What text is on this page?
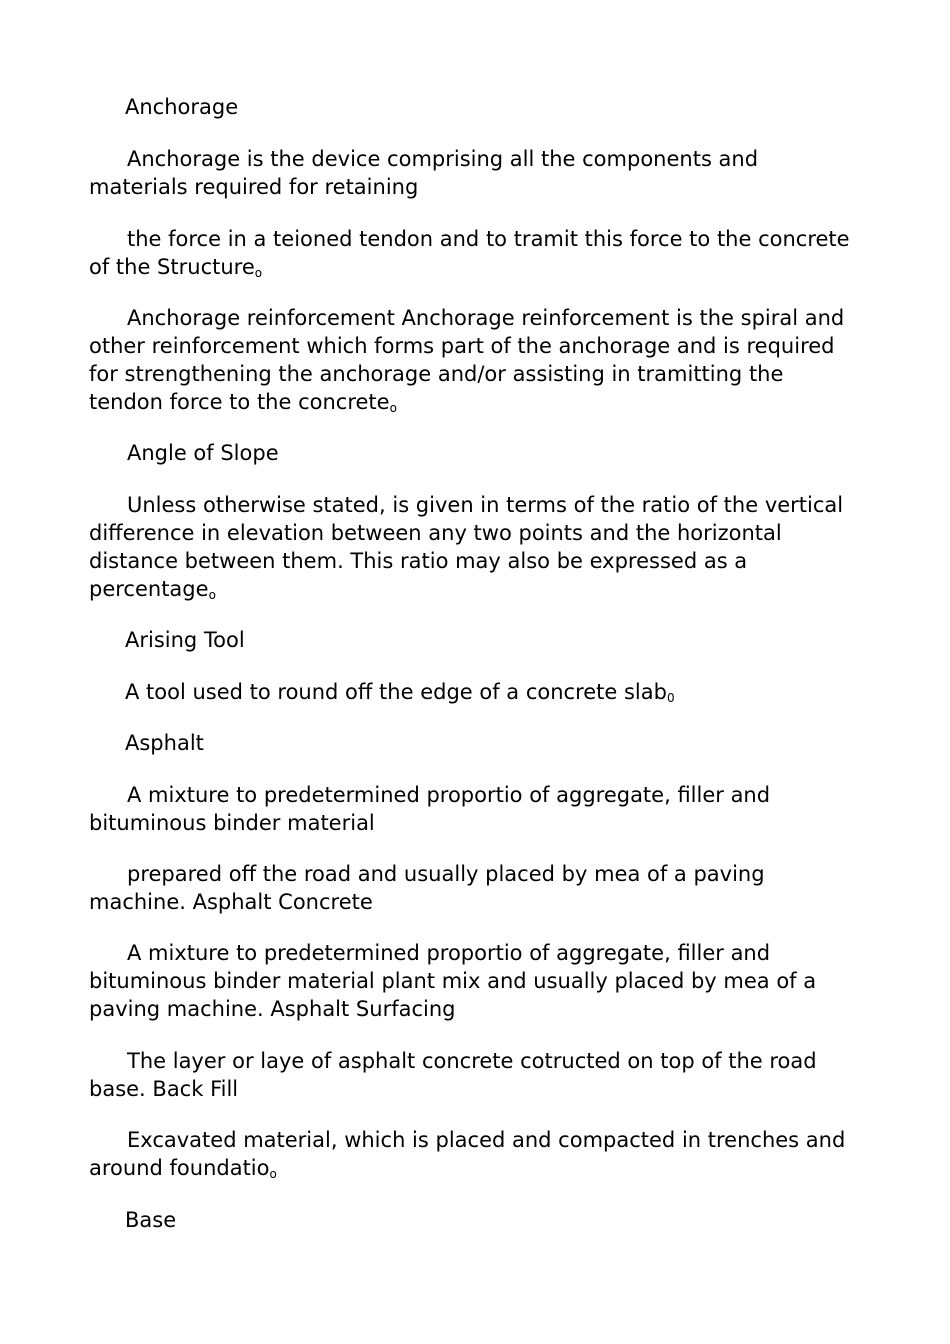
Anchorage

Anchorage is the device comprising all the components and materials required for retaining

the force in a teioned tendon and to tramit this force to the concrete of the Structureo

Anchorage reinforcement Anchorage reinforcement is the spiral and other reinforcement which forms part of the anchorage and is required for strengthening the anchorage and/or assisting in tramitting the tendon force to the concreteo

Angle of Slope

Unless otherwise stated, is given in terms of the ratio of the vertical difference in elevation between any two points and the horizontal distance between them. This ratio may also be expressed as a percentageo

Arising Tool

A tool used to round off the edge of a concrete slab0

Asphalt

A mixture to predetermined proportio of aggregate, filler and bituminous binder material

prepared off the road and usually placed by mea of a paving machine. Asphalt Concrete

A mixture to predetermined proportio of aggregate, filler and bituminous binder material plant mix and usually placed by mea of a paving machine. Asphalt Surfacing

The layer or laye of asphalt concrete cotructed on top of the road base. Back Fill

Excavated material, which is placed and compacted in trenches and around foundatioo

Base
